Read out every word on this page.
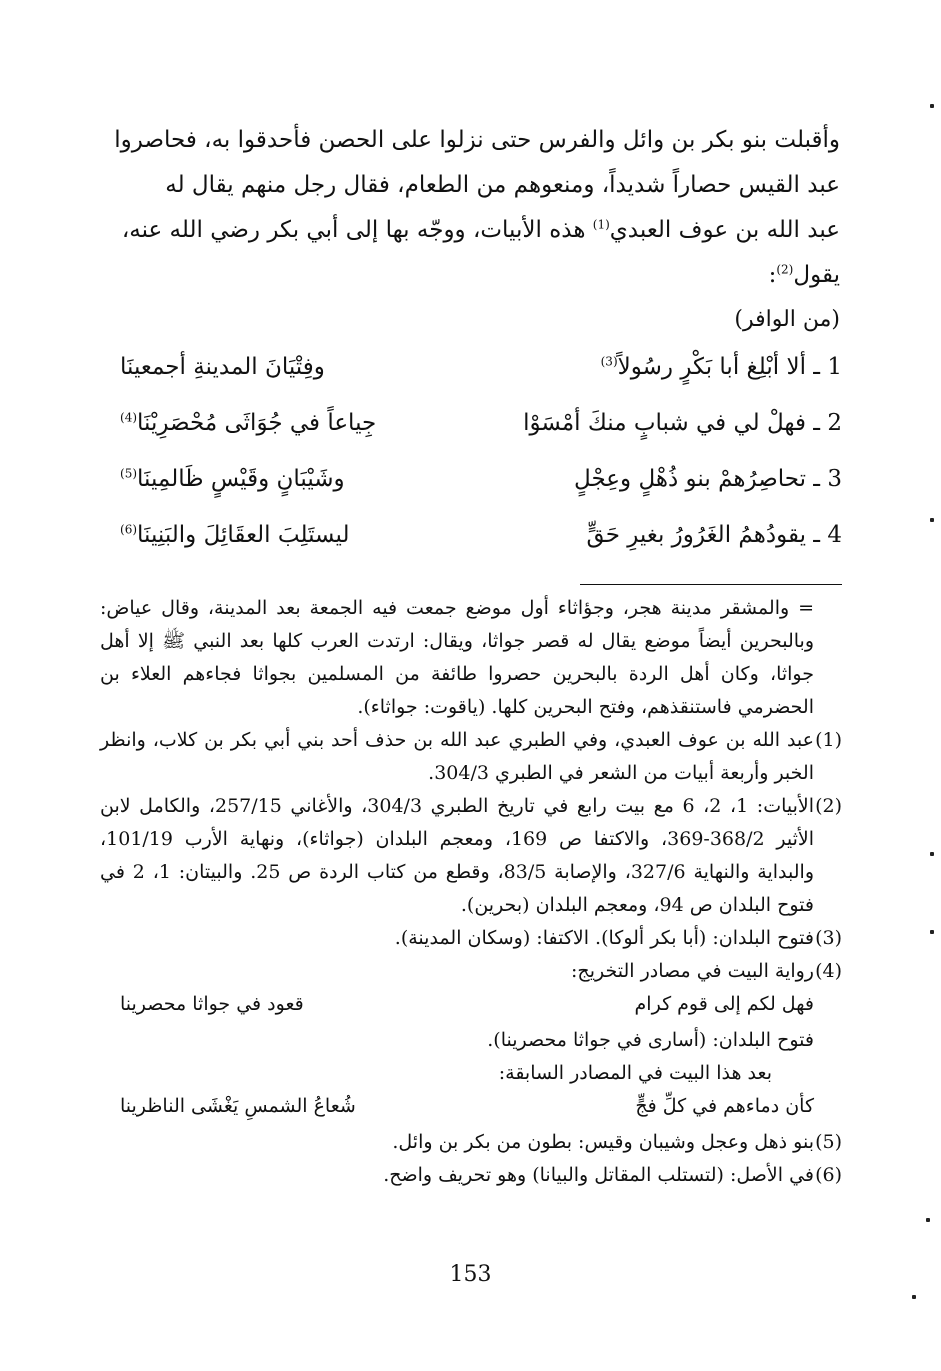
وأقبلت بنو بكر بن وائل والفرس حتى نزلوا على الحصن فأحدقوا به، فحاصروا

عبد القيس حصاراً شديداً، ومنعوهم من الطعام، فقال رجل منهم يقال له

عبد الله بن عوف العبدي$^{(1)}$ هذه الأبيات، ووجّه بها إلى أبي بكر رضي الله عنه،

يقول$^{(2)}$:

(من الوافر)
1 ـ ألا أبْلِغ أبا بَكْرٍ رسُولاً$^{(3)}$
وفِتْيَانَ المدينةِ أجمعينَا
2 ـ فهلْ لي في شبابٍ منكَ أمْسَوْا
جِياعاً في جُوَاثَى مُحْصَرِيْنَا$^{(4)}$
3 ـ تحاصِرُهمْ بنو ذُهْلٍ وعِجْلٍ
وشَيْبَانٍ وقَيْسٍ ظَالمِينَا$^{(5)}$
4 ـ يقودُهمُ الغَرُورُ بغيرِ حَقٍّ
ليستَلِبَ العقَائِلَ والبَنِينَا$^{(6)}$

= والمشقر مدينة هجر، وجؤاثاء أول موضع جمعت فيه الجمعة بعد المدينة، وقال عياض: وبالبحرين أيضاً موضع يقال له قصر جواثا، ويقال: ارتدت العرب كلها بعد النبي ﷺ إلا أهل جواثا، وكان أهل الردة بالبحرين حصروا طائفة من المسلمين بجواثا فجاءهم العلاء بن الحضرمي فاستنقذهم، وفتح البحرين كلها. (ياقوت: جواثاء).

(1)

عبد الله بن عوف العبدي، وفي الطبري عبد الله بن حذف أحد بني أبي بكر بن كلاب، وانظر الخبر وأربعة أبيات من الشعر في الطبري 304/3.

(2)

الأبيات: 1، 2، 6 مع بيت رابع في تاريخ الطبري 304/3، والأغاني 257/15، والكامل لابن الأثير 368/2-369، والاكتفا ص 169، ومعجم البلدان (جواثاء)، ونهاية الأرب 101/19، والبداية والنهاية 327/6، والإصابة 83/5، وقطع من كتاب الردة ص 25. والبيتان: 1، 2 في فتوح البلدان ص 94، ومعجم البلدان (بحرين).

(3)

فتوح البلدان: (أبا بكر ألوكا). الاكتفا: (وسكان المدينة).

(4)

رواية البيت في مصادر التخريج:

فهل لكم إلى قوم كرام
قعود في جواثا محصرينا

فتوح البلدان: (أسارى في جواثا محصرينا).

بعد هذا البيت في المصادر السابقة:

كأن دماءهم في كلِّ فجٍّ
شُعاعُ الشمسِ يَغْشَى الناظرينا
(5)

بنو ذهل وعجل وشيبان وقيس: بطون من بكر بن وائل.

(6)

في الأصل: (لتستلب المقاتل والبيانا) وهو تحريف واضح.

153
